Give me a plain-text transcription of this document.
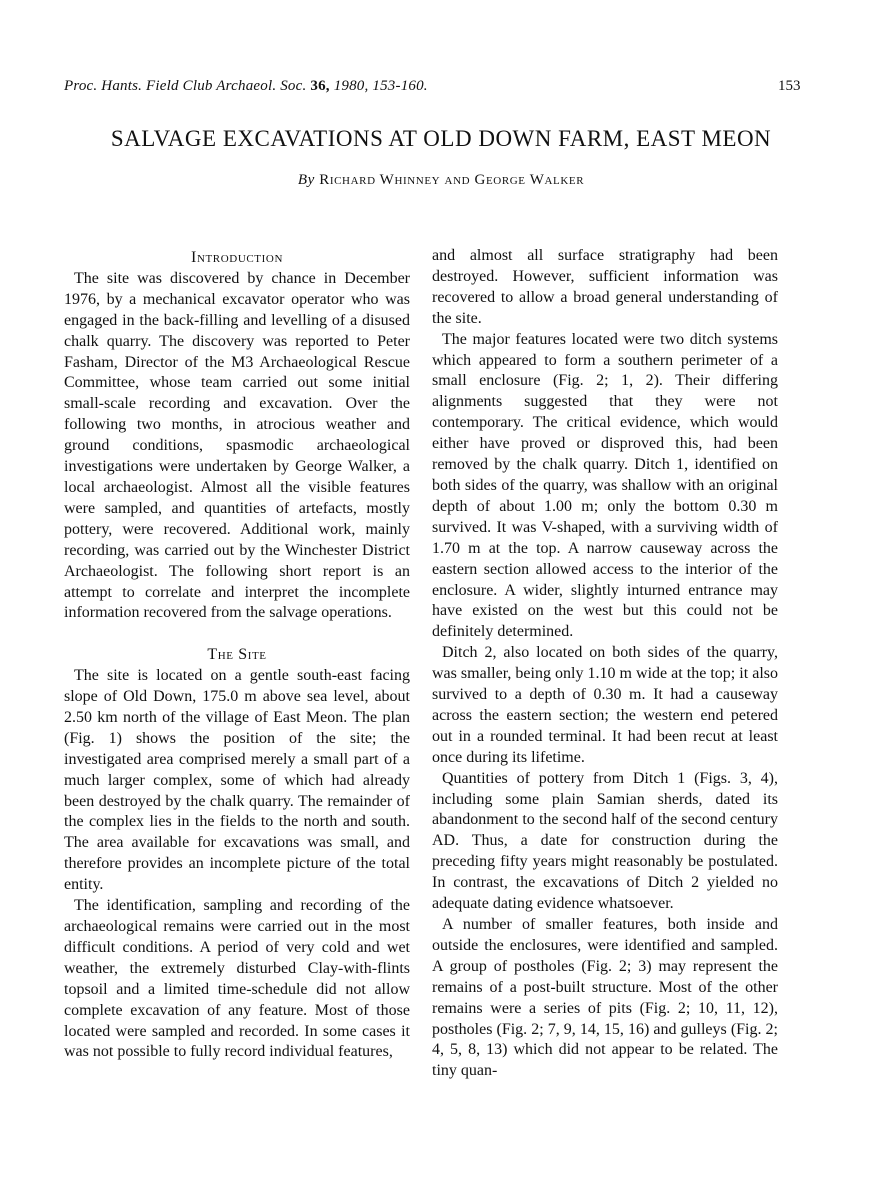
Proc. Hants. Field Club Archaeol. Soc. 36, 1980, 153-160.	153
SALVAGE EXCAVATIONS AT OLD DOWN FARM, EAST MEON
By Richard Whinney and George Walker
Introduction

The site was discovered by chance in December 1976, by a mechanical excavator operator who was engaged in the back-filling and levelling of a disused chalk quarry. The discovery was reported to Peter Fasham, Director of the M3 Archaeological Rescue Committee, whose team carried out some initial small-scale recording and excavation. Over the following two months, in atrocious weather and ground conditions, spasmodic archaeological investigations were undertaken by George Walker, a local archaeologist. Almost all the visible features were sampled, and quantities of artefacts, mostly pottery, were recovered. Additional work, mainly recording, was carried out by the Winchester District Archaeologist. The following short report is an attempt to correlate and interpret the incomplete information recovered from the salvage operations.

The Site

The site is located on a gentle south-east facing slope of Old Down, 175.0 m above sea level, about 2.50 km north of the village of East Meon. The plan (Fig. 1) shows the position of the site; the investigated area comprised merely a small part of a much larger complex, some of which had already been destroyed by the chalk quarry. The remainder of the complex lies in the fields to the north and south. The area available for excavations was small, and therefore provides an incomplete picture of the total entity.

The identification, sampling and recording of the archaeological remains were carried out in the most difficult conditions. A period of very cold and wet weather, the extremely disturbed Clay-with-flints topsoil and a limited time-schedule did not allow complete excavation of any feature. Most of those located were sampled and recorded. In some cases it was not possible to fully record individual features,

and almost all surface stratigraphy had been destroyed. However, sufficient information was recovered to allow a broad general understanding of the site.

The major features located were two ditch systems which appeared to form a southern perimeter of a small enclosure (Fig. 2; 1, 2). Their differing alignments suggested that they were not contemporary. The critical evidence, which would either have proved or disproved this, had been removed by the chalk quarry. Ditch 1, identified on both sides of the quarry, was shallow with an original depth of about 1.00 m; only the bottom 0.30 m survived. It was V-shaped, with a surviving width of 1.70 m at the top. A narrow causeway across the eastern section allowed access to the interior of the enclosure. A wider, slightly inturned entrance may have existed on the west but this could not be definitely determined.

Ditch 2, also located on both sides of the quarry, was smaller, being only 1.10 m wide at the top; it also survived to a depth of 0.30 m. It had a causeway across the eastern section; the western end petered out in a rounded terminal. It had been recut at least once during its lifetime.

Quantities of pottery from Ditch 1 (Figs. 3, 4), including some plain Samian sherds, dated its abandonment to the second half of the second century AD. Thus, a date for construction during the preceding fifty years might reasonably be postulated. In contrast, the excavations of Ditch 2 yielded no adequate dating evidence whatsoever.

A number of smaller features, both inside and outside the enclosures, were identified and sampled. A group of postholes (Fig. 2; 3) may represent the remains of a post-built structure. Most of the other remains were a series of pits (Fig. 2; 10, 11, 12), postholes (Fig. 2; 7, 9, 14, 15, 16) and gulleys (Fig. 2; 4, 5, 8, 13) which did not appear to be related. The tiny quan-
